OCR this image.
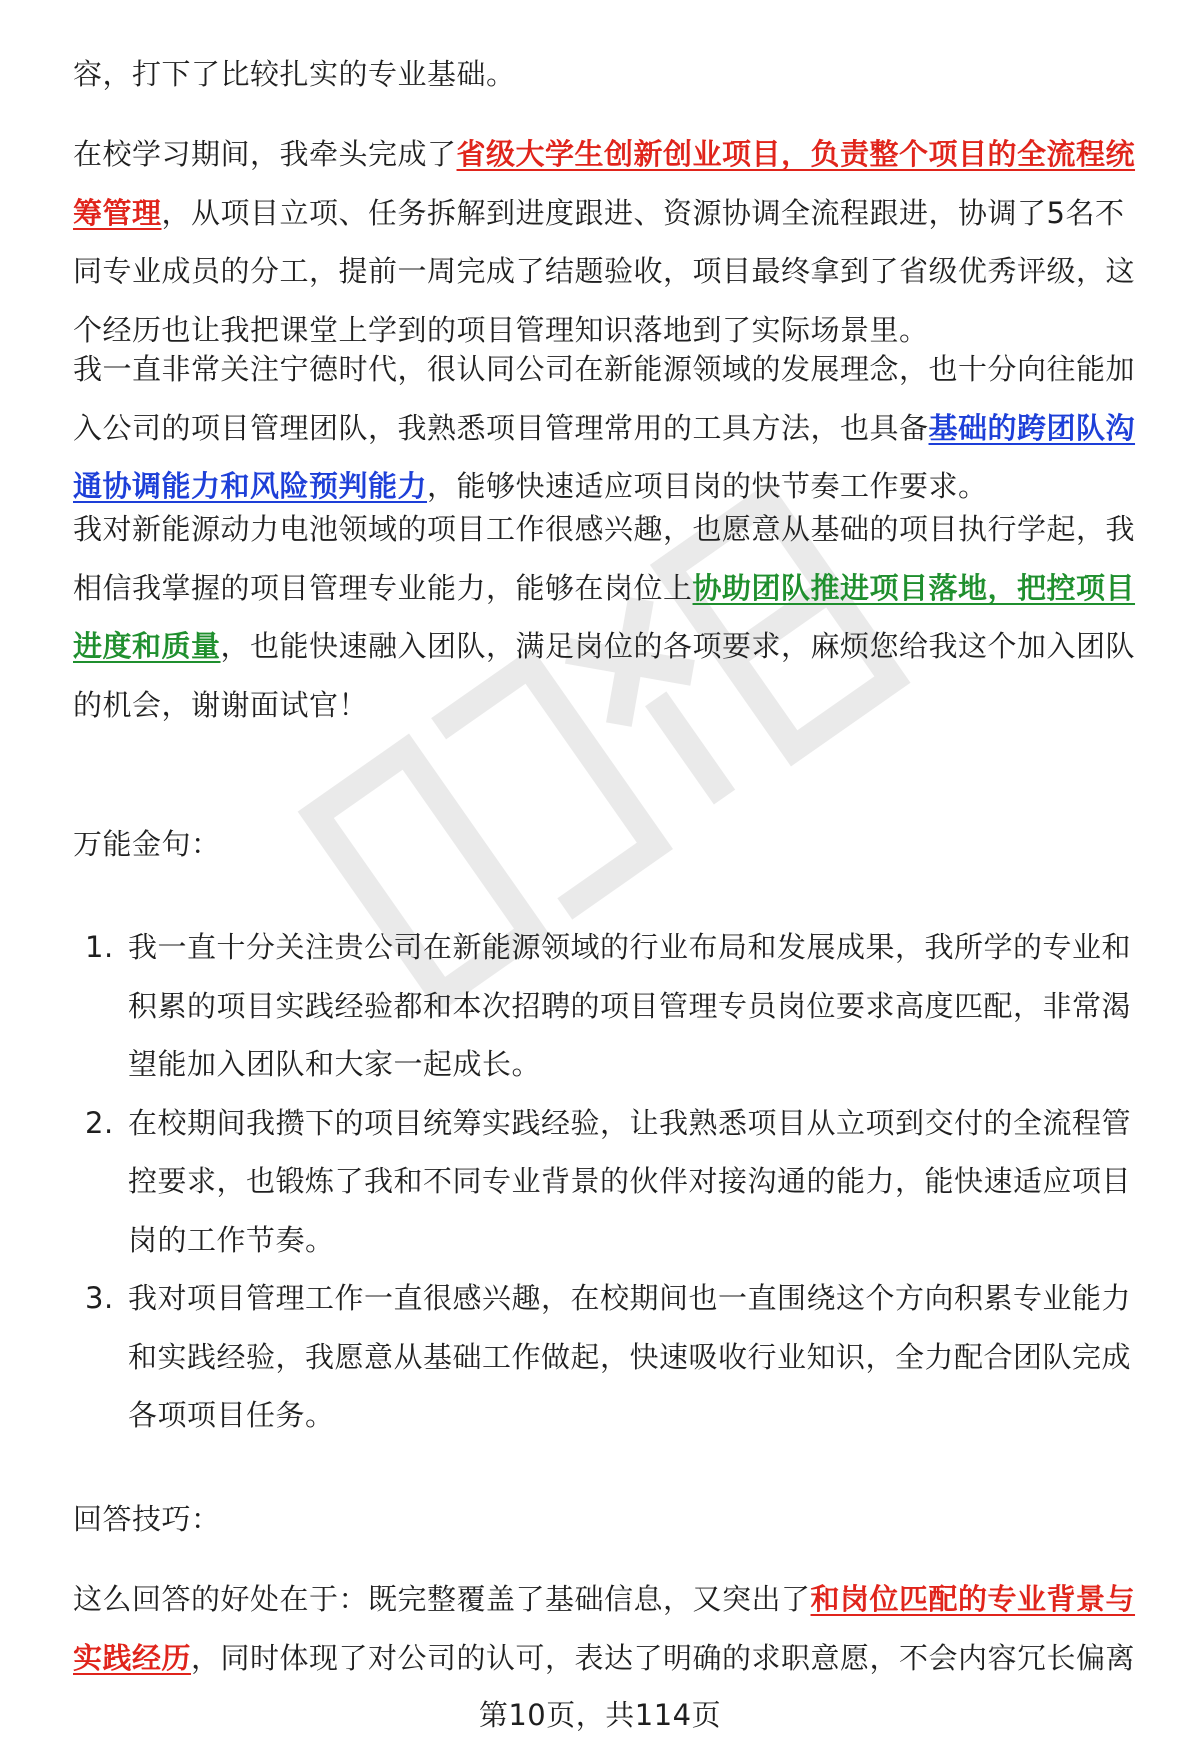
容，打下了比较扎实的专业基础。

在校学习期间，我牵头完成了省级大学生创新创业项目，负责整个项目的全流程统筹管理，从项目立项、任务拆解到进度跟进、资源协调全流程跟进，协调了5名不同专业成员的分工，提前一周完成了结题验收，项目最终拿到了省级优秀评级，这个经历也让我把课堂上学到的项目管理知识落地到了实际场景里。

我一直非常关注宁德时代，很认同公司在新能源领域的发展理念，也十分向往能加入公司的项目管理团队，我熟悉项目管理常用的工具方法，也具备基础的跨团队沟通协调能力和风险预判能力，能够快速适应项目岗的快节奏工作要求。

我对新能源动力电池领域的项目工作很感兴趣，也愿意从基础的项目执行学起，我相信我掌握的项目管理专业能力，能够在岗位上协助团队推进项目落地，把控项目进度和质量，也能快速融入团队，满足岗位的各项要求，麻烦您给我这个加入团队的机会，谢谢面试官！

万能金句：

1. 我一直十分关注贵公司在新能源领域的行业布局和发展成果，我所学的专业和积累的项目实践经验都和本次招聘的项目管理专员岗位要求高度匹配，非常渴望能加入团队和大家一起成长。
2. 在校期间我攒下的项目统筹实践经验，让我熟悉项目从立项到交付的全流程管控要求，也锻炼了我和不同专业背景的伙伴对接沟通的能力，能快速适应项目岗的工作节奏。
3. 我对项目管理工作一直很感兴趣，在校期间也一直围绕这个方向积累专业能力和实践经验，我愿意从基础工作做起，快速吸收行业知识，全力配合团队完成各项项目任务。

回答技巧：

这么回答的好处在于：既完整覆盖了基础信息，又突出了和岗位匹配的专业背景与实践经历，同时体现了对公司的认可，表达了明确的求职意愿，不会内容冗长偏离

第10页，共114页
